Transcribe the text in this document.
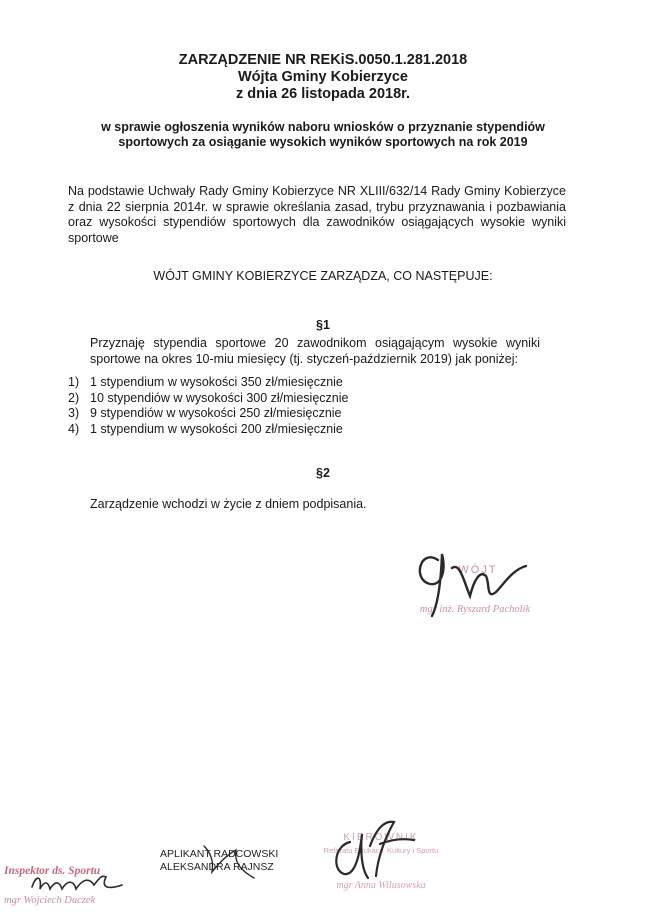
ZARZĄDZENIE NR REKiS.0050.1.281.2018
Wójta Gminy Kobierzyce
z dnia 26 listopada 2018r.
w sprawie ogłoszenia wyników naboru wniosków o przyznanie stypendiów
sportowych za osiąganie wysokich wyników sportowych na rok 2019
Na podstawie Uchwały Rady Gminy Kobierzyce NR XLIII/632/14 Rady Gminy Kobierzyce z dnia 22 sierpnia 2014r. w sprawie określania zasad, trybu przyznawania i pozbawiania oraz wysokości stypendiów sportowych dla zawodników osiągających wysokie wyniki sportowe
WÓJT GMINY KOBIERZYCE ZARZĄDZA, CO NASTĘPUJE:
§1
Przyznaję stypendia sportowe 20 zawodnikom osiągającym wysokie wyniki sportowe na okres 10-miu miesięcy (tj. styczeń-październik 2019) jak poniżej:
1) 1 stypendium w wysokości 350 zł/miesięcznie
2) 10 stypendiów w wysokości 300 zł/miesięcznie
3) 9 stypendiów w wysokości 250 zł/miesięcznie
4) 1 stypendium w wysokości 200 zł/miesięcznie
§2
Zarządzenie wchodzi w życie z dniem podpisania.
WÓJT
mgr inż. Ryszard Pacholik
Inspektor ds. Sportu
mgr Wojciech Duczek
APLIKANT RADCOWSKI
ALEKSANDRA RAJNSZ
KIEROWNIK
Referatu Edukacji, Kultury i Sportu
mgr Anna Wilusowska
